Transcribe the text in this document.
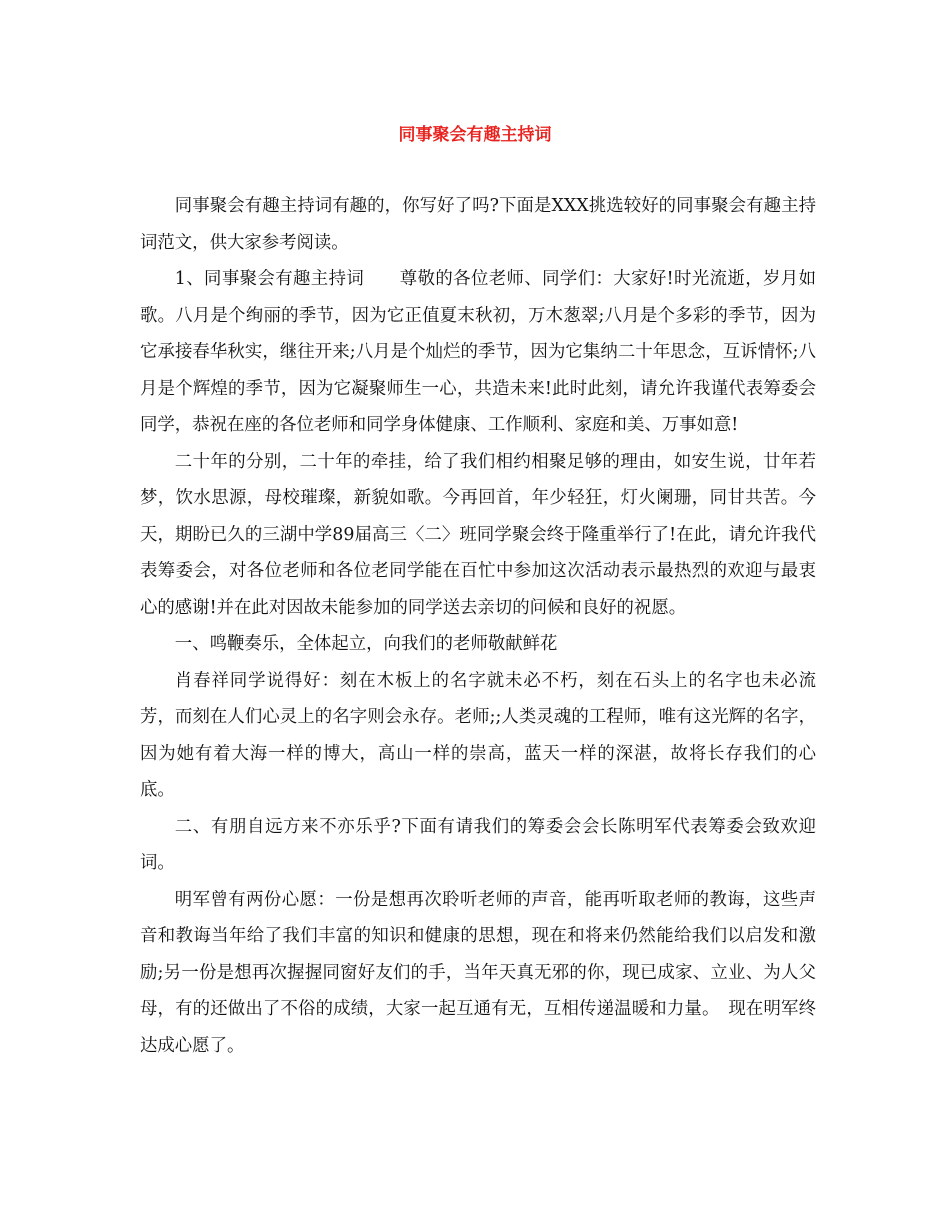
同事聚会有趣主持词

同事聚会有趣主持词有趣的，你写好了吗?下面是XXX挑选较好的同事聚会有趣主持词范文，供大家参考阅读。

1、同事聚会有趣主持词　　尊敬的各位老师、同学们：大家好!时光流逝，岁月如歌。八月是个绚丽的季节，因为它正值夏末秋初，万木葱翠;八月是个多彩的季节，因为它承接春华秋实，继往开来;八月是个灿烂的季节，因为它集纳二十年思念，互诉情怀;八月是个辉煌的季节，因为它凝聚师生一心，共造未来!此时此刻，请允许我谨代表筹委会同学，恭祝在座的各位老师和同学身体健康、工作顺利、家庭和美、万事如意!

二十年的分别，二十年的牵挂，给了我们相约相聚足够的理由，如安生说，廿年若梦，饮水思源，母校璀璨，新貌如歌。今再回首，年少轻狂，灯火阑珊，同甘共苦。今天，期盼已久的三湖中学89届高三〈二〉班同学聚会终于隆重举行了!在此，请允许我代表筹委会，对各位老师和各位老同学能在百忙中参加这次活动表示最热烈的欢迎与最衷心的感谢!并在此对因故未能参加的同学送去亲切的问候和良好的祝愿。

一、鸣鞭奏乐，全体起立，向我们的老师敬献鲜花

肖春祥同学说得好：刻在木板上的名字就未必不朽，刻在石头上的名字也未必流芳，而刻在人们心灵上的名字则会永存。老师;;人类灵魂的工程师，唯有这光辉的名字，因为她有着大海一样的博大，高山一样的崇高，蓝天一样的深湛，故将长存我们的心底。

二、有朋自远方来不亦乐乎?下面有请我们的筹委会会长陈明军代表筹委会致欢迎词。

明军曾有两份心愿：一份是想再次聆听老师的声音，能再听取老师的教诲，这些声音和教诲当年给了我们丰富的知识和健康的思想，现在和将来仍然能给我们以启发和激励;另一份是想再次握握同窗好友们的手，当年天真无邪的你，现已成家、立业、为人父母，有的还做出了不俗的成绩，大家一起互通有无，互相传递温暖和力量。　现在明军终达成心愿了。
